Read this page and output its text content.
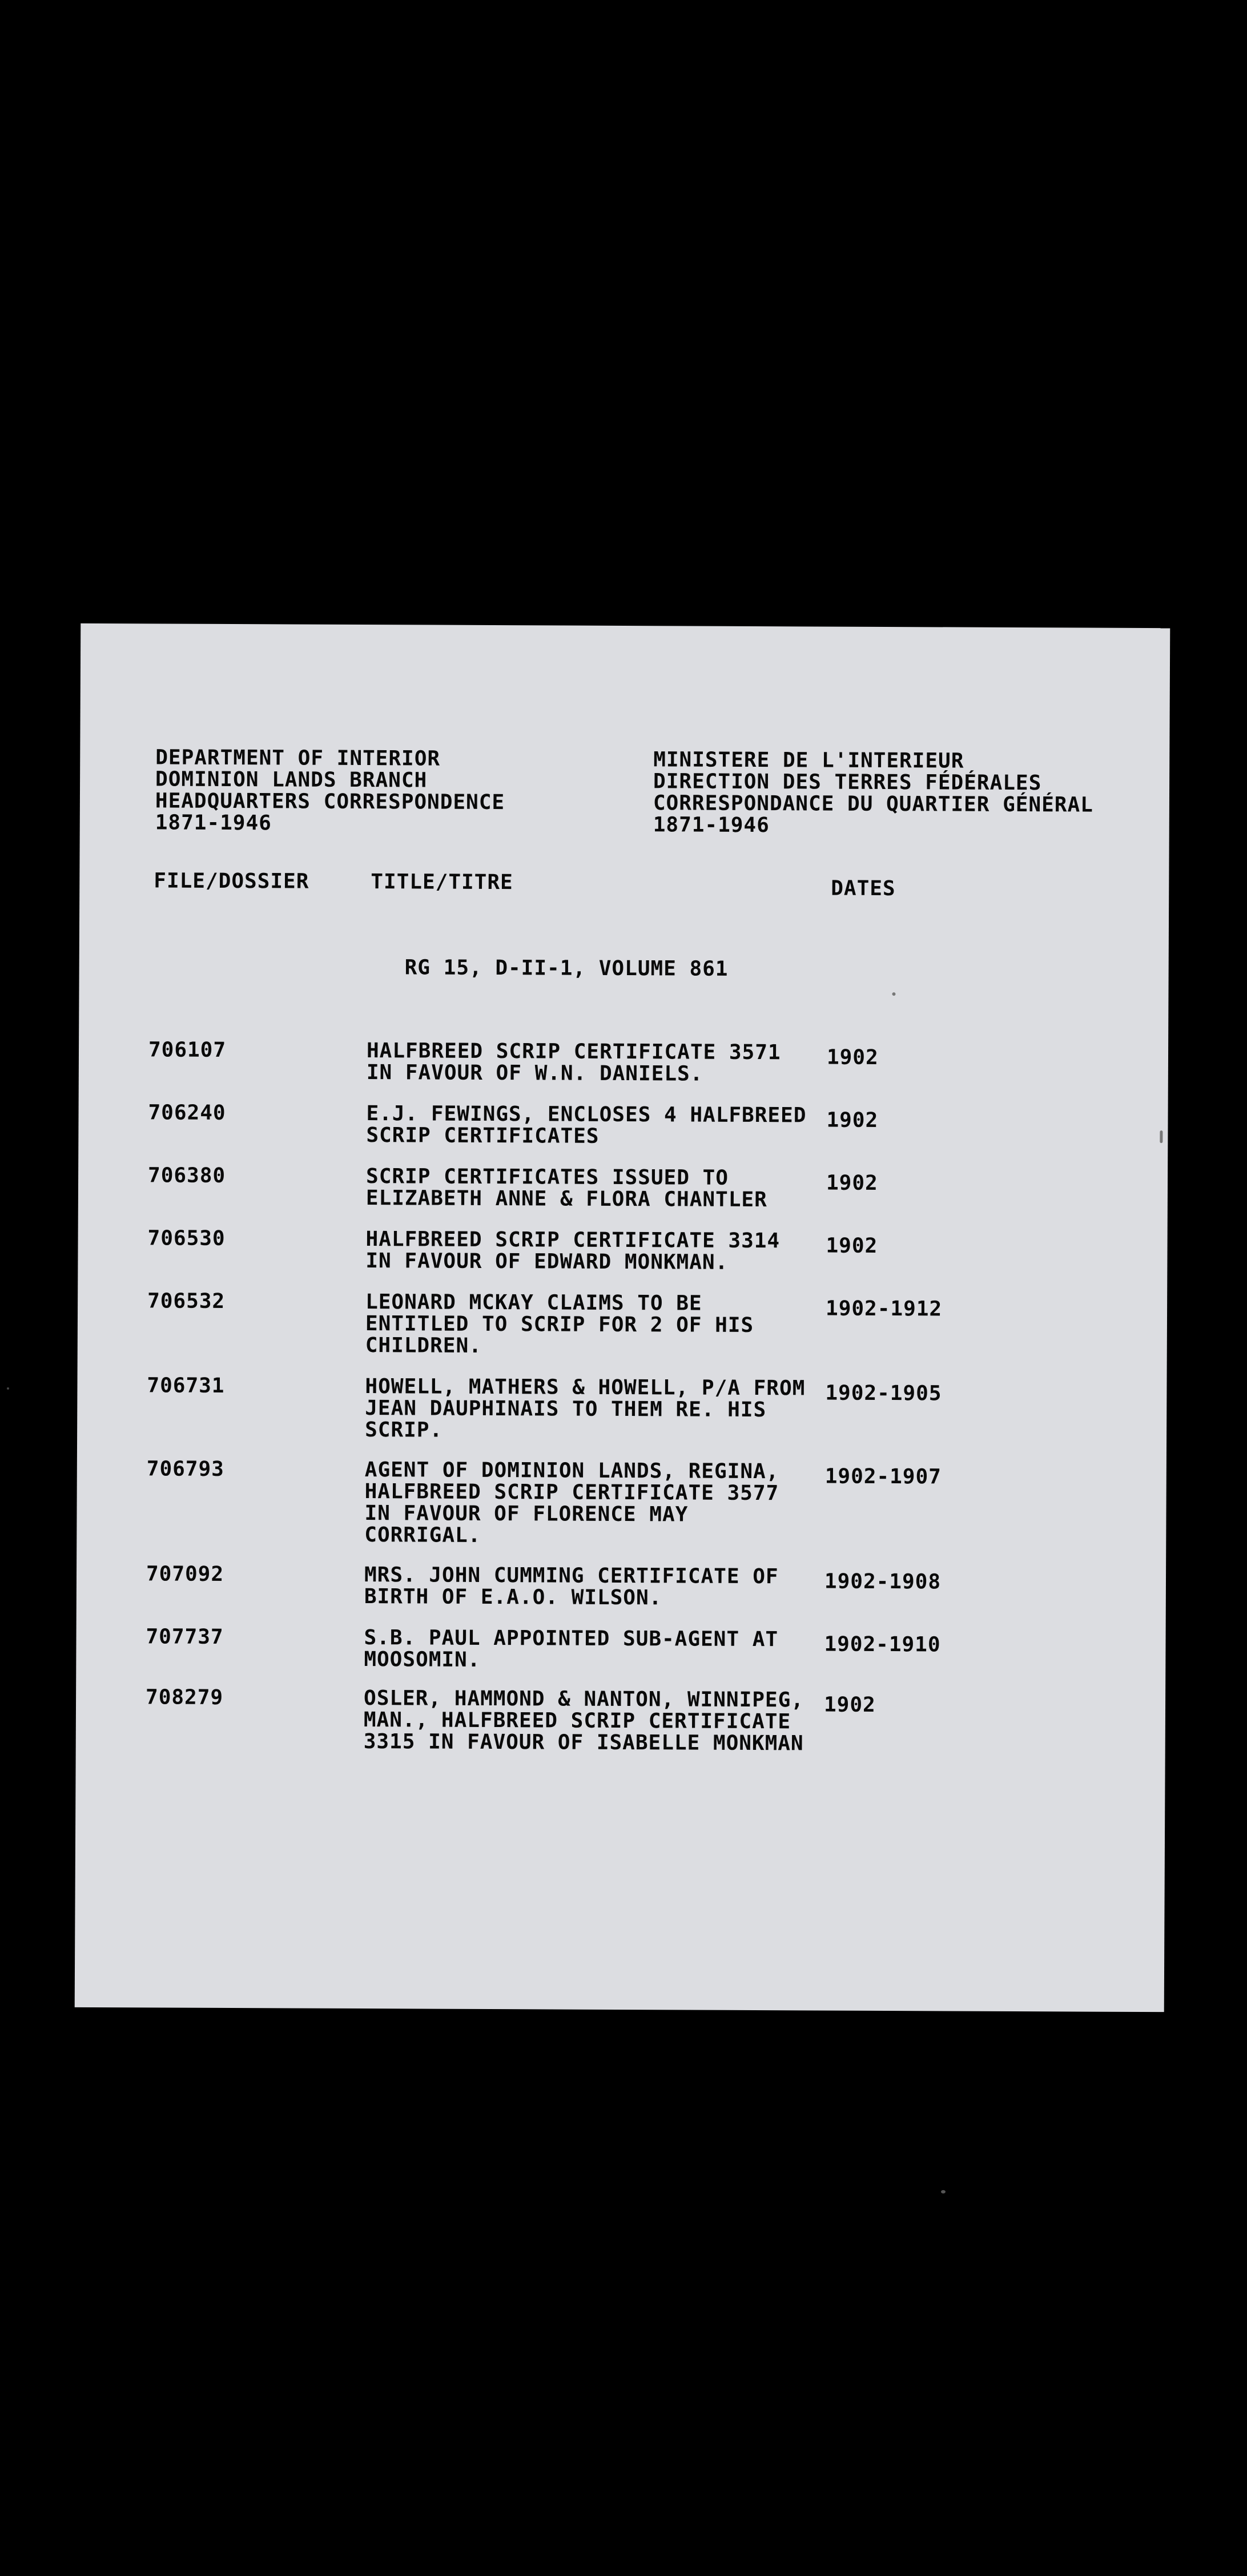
DEPARTMENT OF INTERIOR
DOMINION LANDS BRANCH
HEADQUARTERS CORRESPONDENCE
1871-1946
MINISTERE DE L'INTERIEUR
DIRECTION DES TERRES FÉDÉRALES
CORRESPONDANCE DU QUARTIER GÉNÉRAL
1871-1946
FILE/DOSSIER	TITLE/TITRE	DATES
RG 15, D-II-1, VOLUME 861
706107	HALFBREED SCRIP CERTIFICATE 3571
IN FAVOUR OF W.N. DANIELS.
1902
706240	E.J. FEWINGS, ENCLOSES 4 HALFBREED
SCRIP CERTIFICATES
1902
706380	SCRIP CERTIFICATES ISSUED TO
ELIZABETH ANNE & FLORA CHANTLER
1902
706530	HALFBREED SCRIP CERTIFICATE 3314
IN FAVOUR OF EDWARD MONKMAN.
1902
706532	LEONARD MCKAY CLAIMS TO BE
ENTITLED TO SCRIP FOR 2 OF HIS
CHILDREN.
1902-1912
706731	HOWELL, MATHERS & HOWELL, P/A FROM
JEAN DAUPHINAIS TO THEM RE. HIS
SCRIP.
1902-1905
706793	AGENT OF DOMINION LANDS, REGINA,
HALFBREED SCRIP CERTIFICATE 3577
IN FAVOUR OF FLORENCE MAY
CORRIGAL.
1902-1907
707092	MRS. JOHN CUMMING CERTIFICATE OF
BIRTH OF E.A.O. WILSON.
1902-1908
707737	S.B. PAUL APPOINTED SUB-AGENT AT
MOOSOMIN.
1902-1910
708279	OSLER, HAMMOND & NANTON, WINNIPEG,
MAN., HALFBREED SCRIP CERTIFICATE
3315 IN FAVOUR OF ISABELLE MONKMAN
1902
